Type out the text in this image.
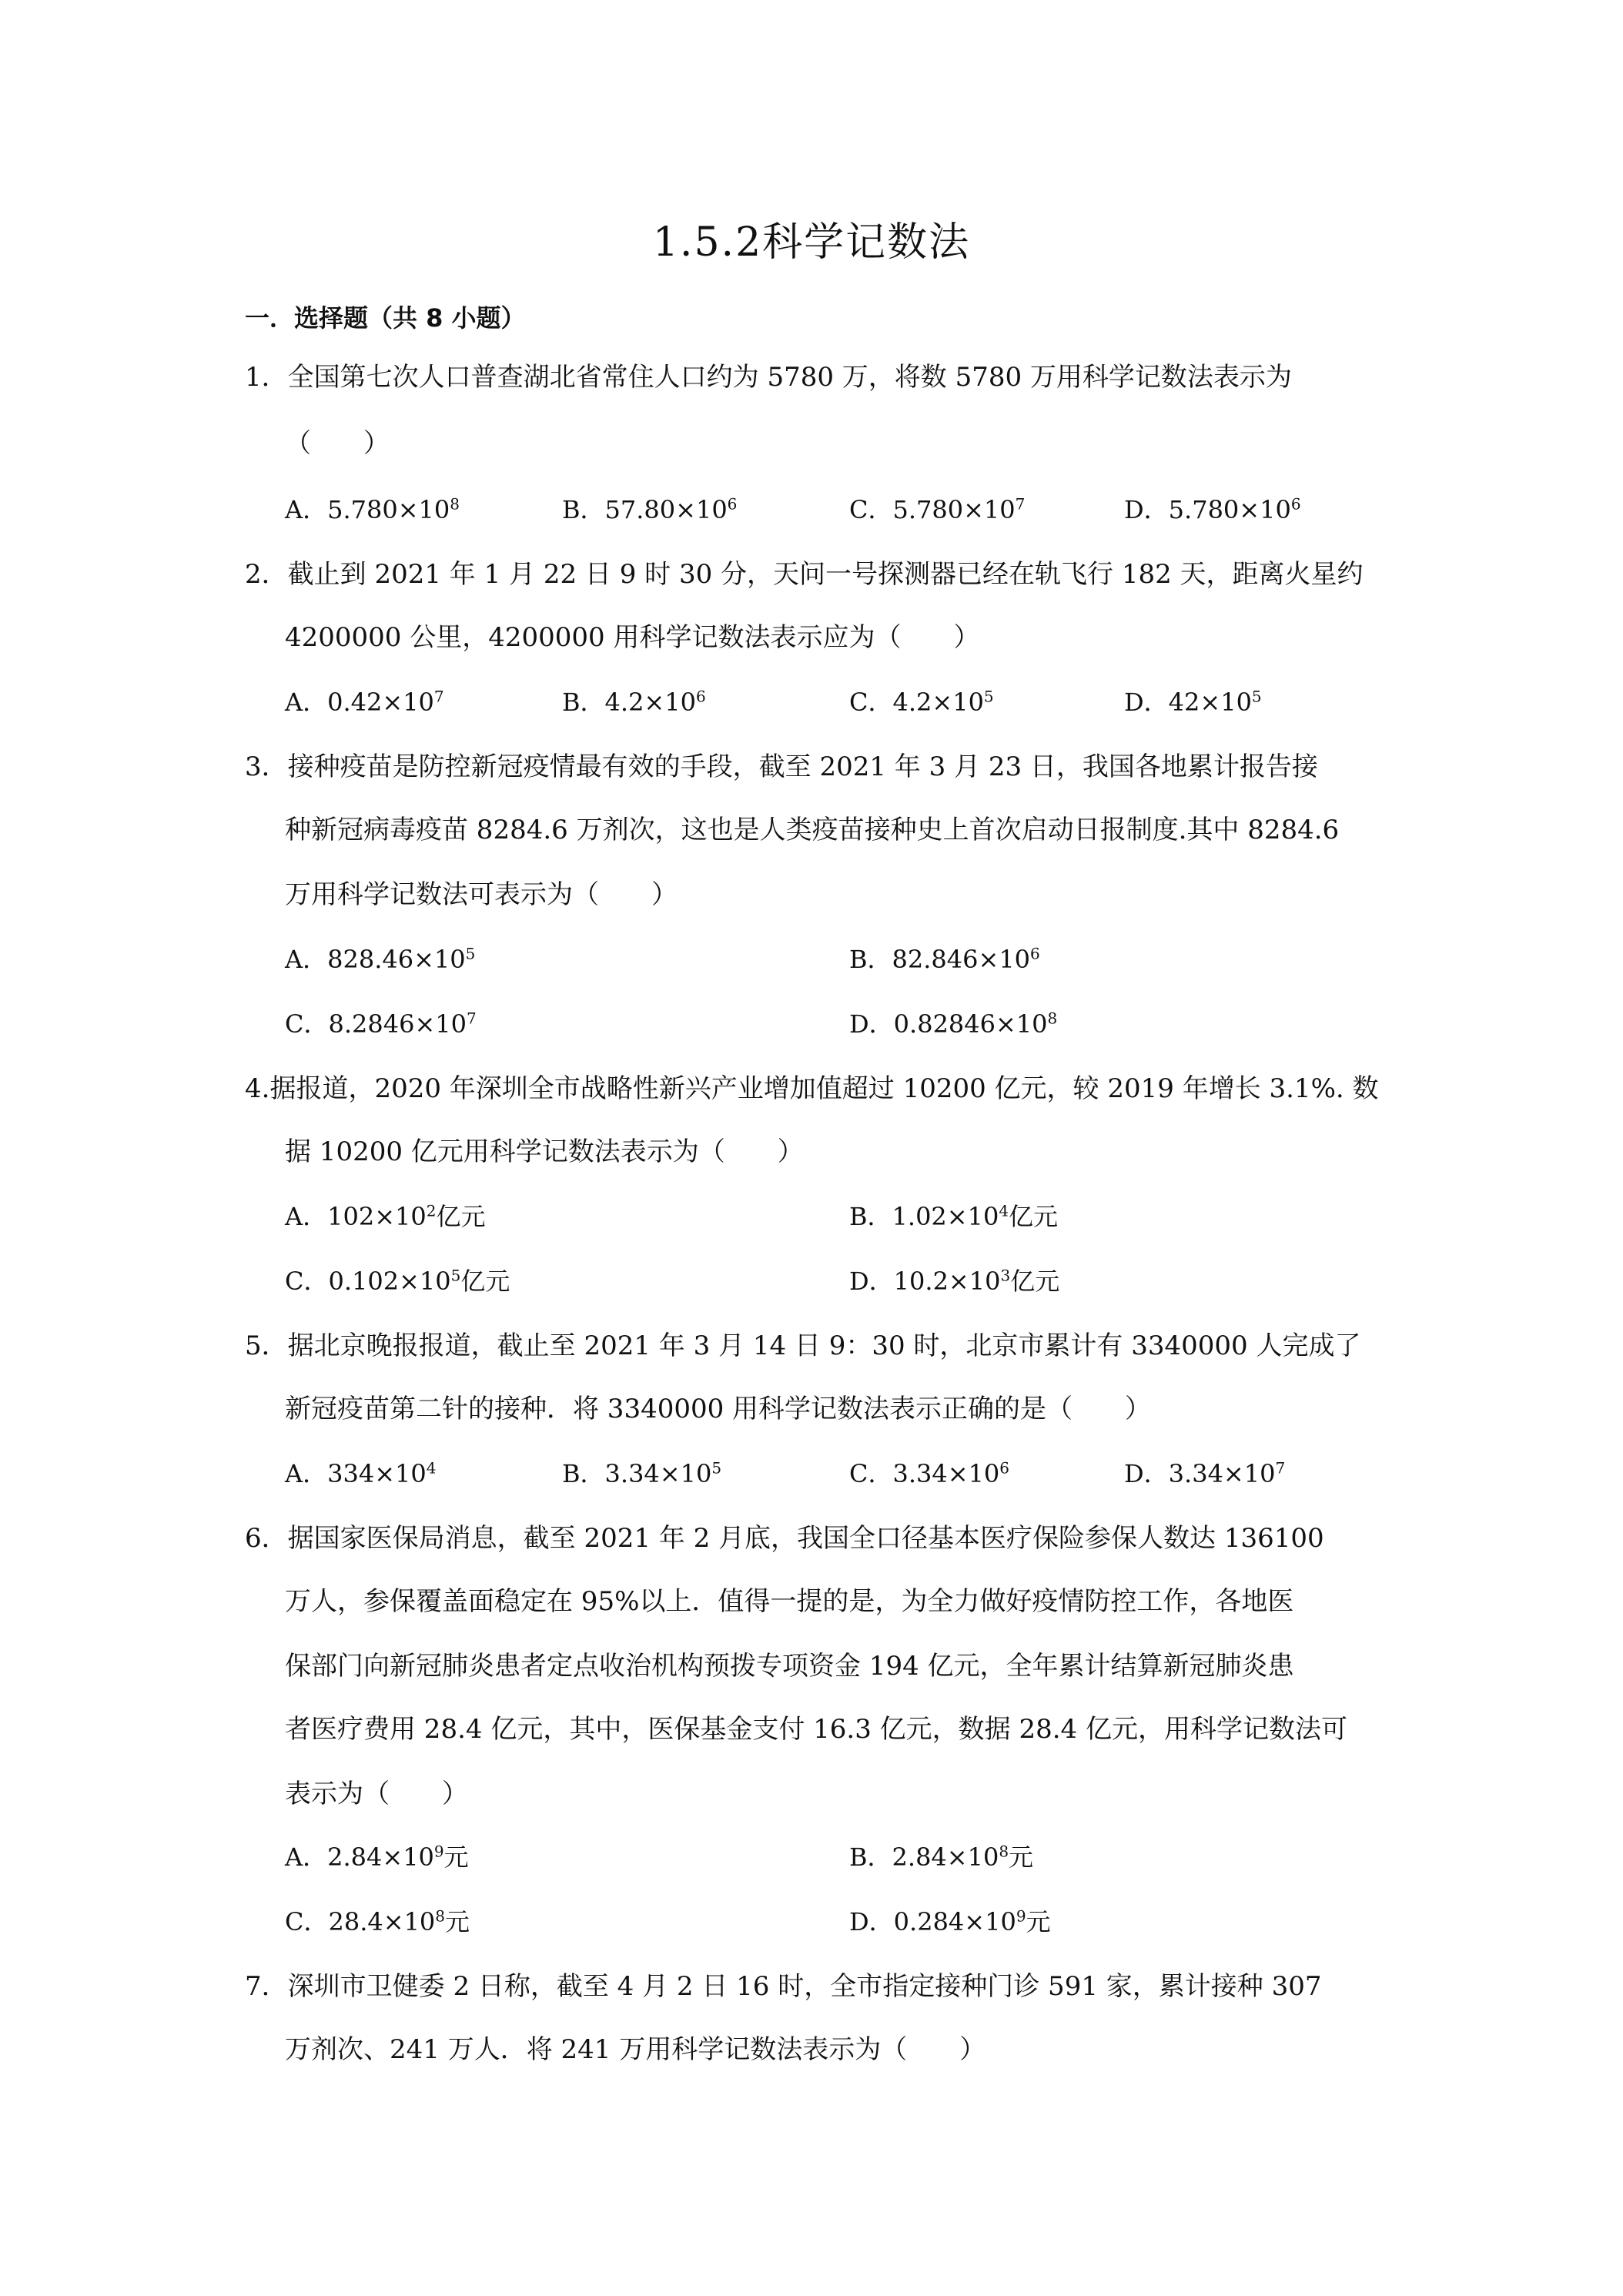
1.5.2科学记数法
一．选择题（共 8 小题）
1．全国第七次人口普查湖北省常住人口约为 5780 万，将数 5780 万用科学记数法表示为
（　　）
A．$5.780\times 10^8$	B．$57.80\times 10^6$	C．$5.780\times 10^7$	D．$5.780\times 10^6$
2．截止到 2021 年 1 月 22 日 9 时 30 分，天问一号探测器已经在轨飞行 182 天，距离火星约
4200000 公里，4200000 用科学记数法表示应为（　　）
A．$0.42\times 10^7$	B．$4.2\times 10^6$	C．$4.2\times 10^5$	D．$42\times 10^5$
3．接种疫苗是防控新冠疫情最有效的手段，截至 2021 年 3 月 23 日，我国各地累计报告接
种新冠病毒疫苗 8284.6 万剂次，这也是人类疫苗接种史上首次启动日报制度.其中 8284.6
万用科学记数法可表示为（　　）
A．$828.46\times 10^5$	B．$82.846\times 10^6$
C．$8.2846\times 10^7$	D．$0.82846\times 10^8$
4.据报道，2020 年深圳全市战略性新兴产业增加值超过 10200 亿元，较 2019 年增长 3.1%. 数
据 10200 亿元用科学记数法表示为（　　）
A．$102\times 10^2$亿元	B．$1.02\times 10^4$亿元
C．$0.102\times 10^5$亿元	D．$10.2\times 10^3$亿元
5．据北京晚报报道，截止至 2021 年 3 月 14 日 9：30 时，北京市累计有 3340000 人完成了
新冠疫苗第二针的接种．将 3340000 用科学记数法表示正确的是（　　）
A．$334\times 10^4$	B．$3.34\times 10^5$	C．$3.34\times 10^6$	D．$3.34\times 10^7$
6．据国家医保局消息，截至 2021 年 2 月底，我国全口径基本医疗保险参保人数达 136100
万人，参保覆盖面稳定在 95%以上．值得一提的是，为全力做好疫情防控工作，各地医
保部门向新冠肺炎患者定点收治机构预拨专项资金 194 亿元，全年累计结算新冠肺炎患
者医疗费用 28.4 亿元，其中，医保基金支付 16.3 亿元，数据 28.4 亿元，用科学记数法可
表示为（　　）
A．$2.84\times 10^9$元	B．$2.84\times 10^8$元
C．$28.4\times 10^8$元	D．$0.284\times 10^9$元
7．深圳市卫健委 2 日称，截至 4 月 2 日 16 时，全市指定接种门诊 591 家，累计接种 307
万剂次、241 万人．将 241 万用科学记数法表示为（　　）
